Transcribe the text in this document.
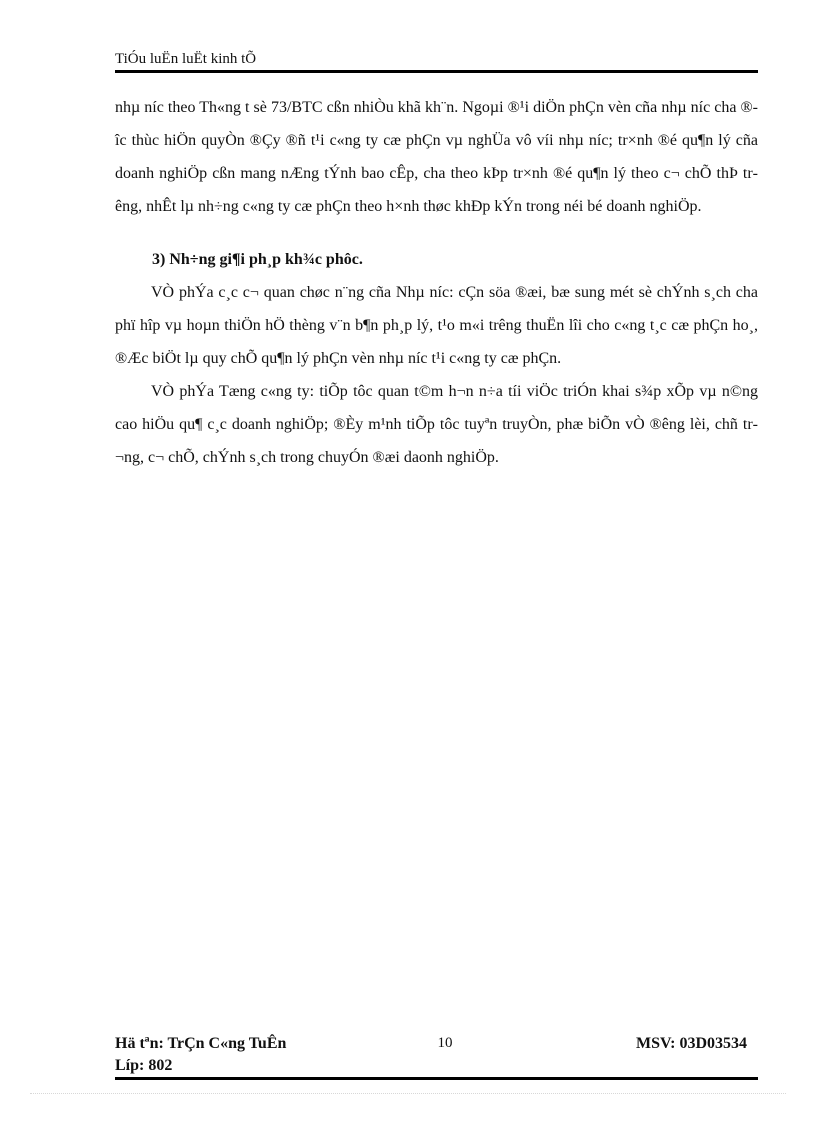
TiÓu luËn luËt kinh tÕ

nhµ níc theo Th«ng t sè 73/BTC cßn nhiÒu khã kh¨n. Ngoµi ®¹i diÖn phÇn vèn cña nhµ níc cha ®îc thùc hiÖn quyÒn ®Çy ®ñ t¹i c«ng ty cæ phÇn vµ nghÜa vô víi nhµ níc; tr×nh ®é qu¶n lý cña doanh nghiÖp cßn mang nÆng tÝnh bao cÊp, cha theo kÞp tr×nh ®é qu¶n lý theo c¬ chÕ thÞ trêng, nhÊt lµ nh÷ng c«ng ty cæ phÇn theo h×nh thøc khÐp kÝn trong néi bé doanh nghiÖp.

3) Nh÷ng gi¶i ph¸p kh¾c phôc.

VÒ phÝa c¸c c¬ quan chøc n¨ng cña Nhµ níc: cÇn söa ®æi, bæ sung mét sè chÝnh s¸ch cha phï hîp vµ hoµn thiÖn hÖ thèng v¨n b¶n ph¸p lý, t¹o m«i trêng thuËn lîi cho c«ng t¸c cæ phÇn ho¸, ®Æc biÖt lµ quy chÕ qu¶n lý phÇn vèn nhµ níc t¹i c«ng ty cæ phÇn.

VÒ phÝa Tæng c«ng ty: tiÕp tôc quan t©m h¬n n÷a tíi viÖc triÓn khai s¾p xÕp vµ n©ng cao hiÖu qu¶ c¸c doanh nghiÖp; ®Èy m¹nh tiÕp tôc tuyªn truyÒn, phæ biÕn vÒ ®êng lèi, chñ tr¬ng, c¬ chÕ, chÝnh s¸ch trong chuyÓn ®æi daonh nghiÖp.

Hä tªn: TrÇn C«ng TuÊn
Líp: 802
10	MSV: 03D03534
